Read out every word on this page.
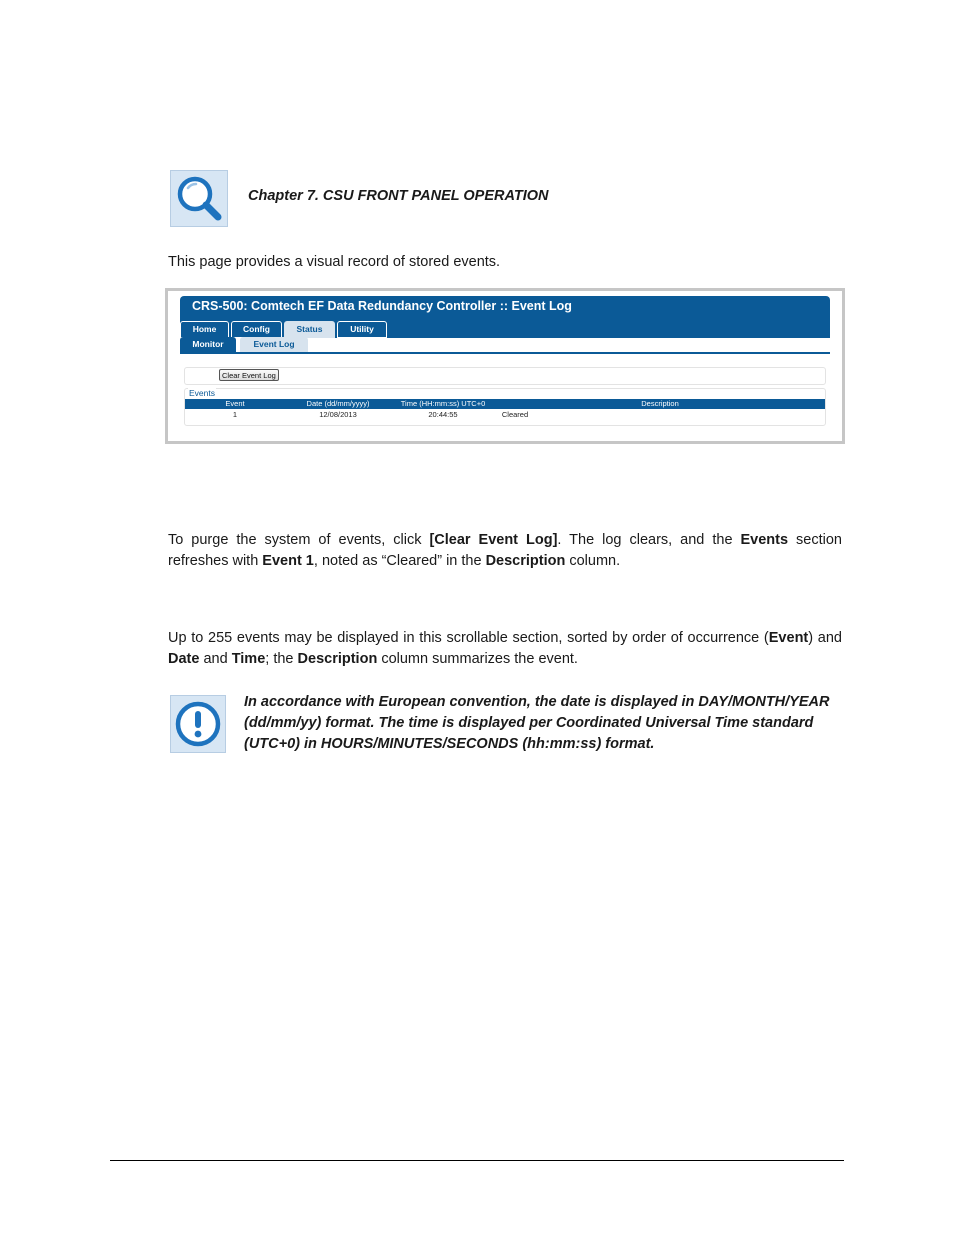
Chapter 7. CSU FRONT PANEL OPERATION
This page provides a visual record of stored events.
CRS-500: Comtech EF Data Redundancy Controller :: Event Log
Home	Config	Status	Utility
Monitor	Event Log
Clear Event Log
Events
Event	Date (dd/mm/yyyy)	Time (HH:mm:ss) UTC+0	Description
1	12/08/2013	20:44:55	Cleared
To purge the system of events, click [Clear Event Log]. The log clears, and the Events section refreshes with Event 1, noted as “Cleared” in the Description column.
Up to 255 events may be displayed in this scrollable section, sorted by order of occurrence (Event) and Date and Time; the Description column summarizes the event.
In accordance with European convention, the date is displayed in DAY/MONTH/YEAR (dd/mm/yy) format. The time is displayed per Coordinated Universal Time standard (UTC+0) in HOURS/MINUTES/SECONDS (hh:mm:ss) format.
